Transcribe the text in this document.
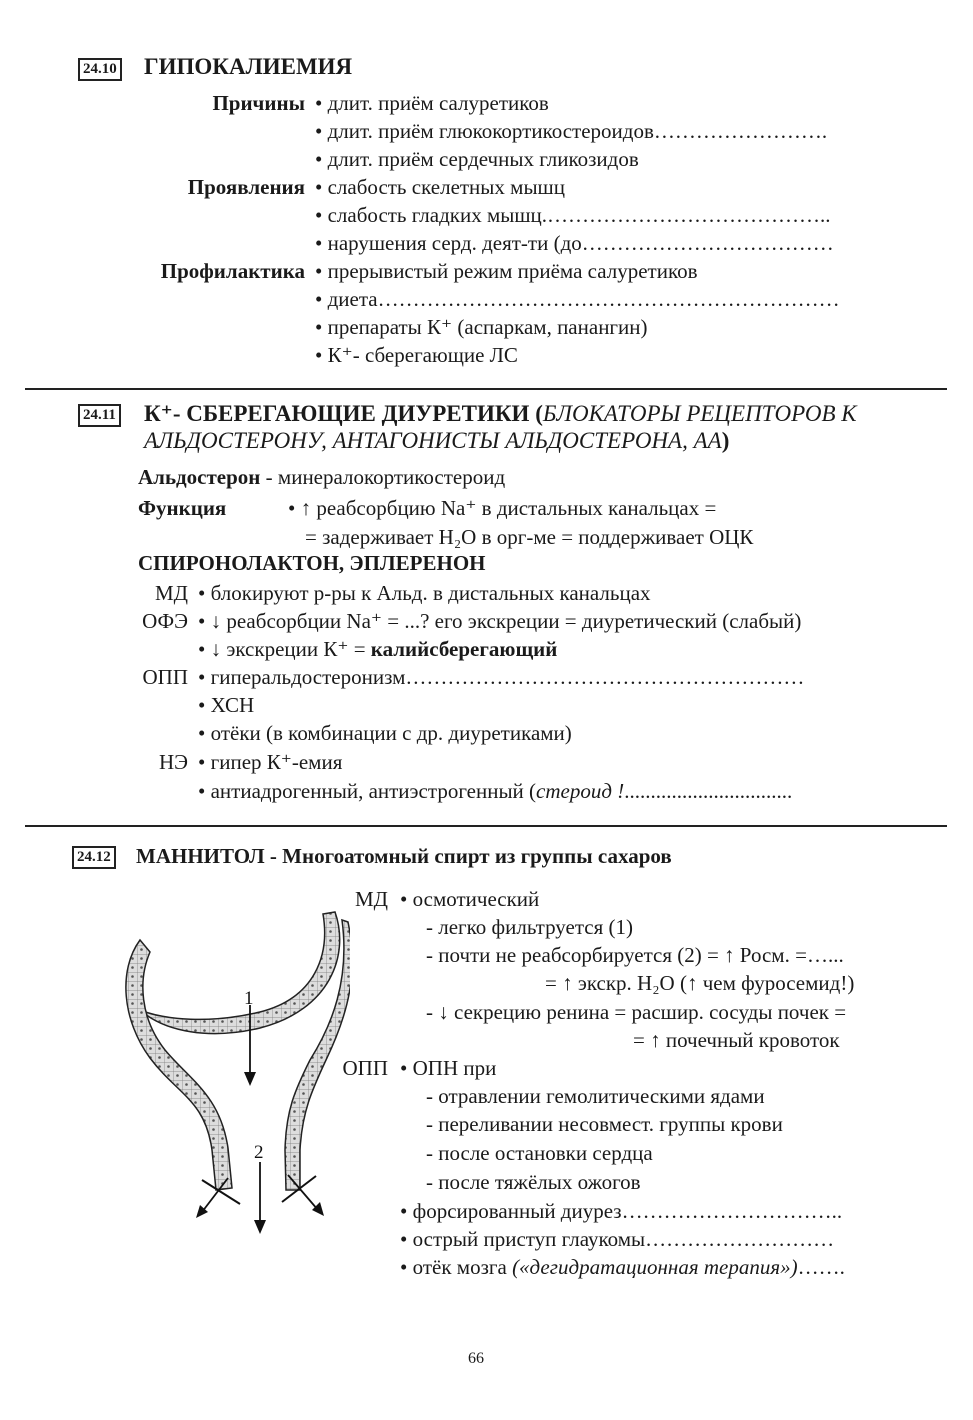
24.10 ГИПОКАЛИЕМИЯ
Причины
Проявления
Профилактика
• длит. приём салуретиков
• длит. приём глюкокортикостероидов…………………….
• длит. приём сердечных гликозидов
• слабость скелетных мышц
• слабость гладких мышц.…………………………………..
• нарушения серд. деят-ти (до………………………………
• прерывистый режим приёма салуретиков
• диета…………………………………………………………
• препараты К⁺ (аспаркам, панангин)
• К⁺- сберегающие ЛС
24.11 К⁺- СБЕРЕГАЮЩИЕ ДИУРЕТИКИ (БЛОКАТОРЫ РЕЦЕПТОРОВ К
АЛЬДОСТЕРОНУ, АНТАГОНИСТЫ АЛЬДОСТЕРОНА, АА)
Альдостерон - минералокортикостероид
Функция	• ↑ реабсорбцию Na⁺ в дистальных канальцах =
= задерживает H₂O в орг-ме = поддерживает ОЦК
СПИРОНОЛАКТОН, ЭПЛЕРЕНОН
МД • блокируют р-ры к Альд. в дистальных канальцах
ОФЭ • ↓ реабсорбции Na⁺ = ...? его экскреции = диуретический (слабый)
• ↓ экскреции К⁺ = калийсберегающий
ОПП • гиперальдостеронизм…………………………………………………
• ХСН
• отёки (в комбинации с др. диуретиками)
НЭ • гипер К⁺-емия
• антиадрогенный, антиэстрогенный (стероид !................................
24.12 МАННИТОЛ - Многоатомный спирт из группы сахаров
1
2
МД • осмотический
- легко фильтруется (1)
- почти не реабсорбируется (2) = ↑ Росм. =…...
= ↑ экскр. H₂O (↑ чем фуросемид!)
- ↓ секрецию ренина = расшир. сосуды почек =
= ↑ почечный кровоток
ОПП • ОПН при
- отравлении гемолитическими ядами
- переливании несовмест. группы крови
- после остановки сердца
- после тяжёлых ожогов
• форсированный диурез…………………………..
• острый приступ глаукомы………………………
• отёк мозга («дегидратационная терапия»)…….
66
